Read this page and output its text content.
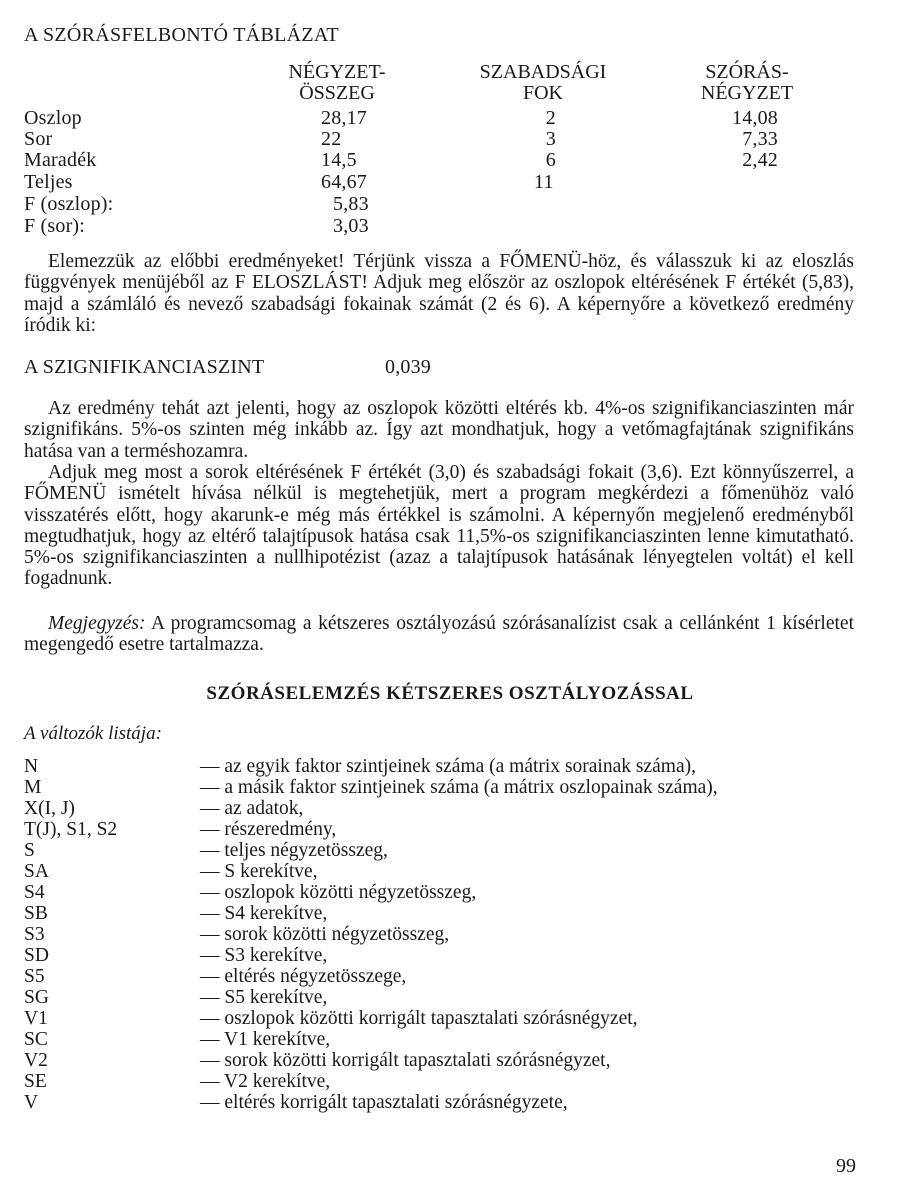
A SZÓRÁSFELBONTÓ TÁBLÁZAT
NÉGYZET-
ÖSSZEG
SZABADSÁGI
FOK
SZÓRÁS-
NÉGYZET
Oszlop	28,17	2	14,08
Sor	22	3	7,33
Maradék	14,5	6	2,42
Teljes	64,67	11
F (oszlop):	5,83
F (sor):	3,03

Elemezzük az előbbi eredményeket! Térjünk vissza a FŐMENÜ-höz, és válasszuk ki az eloszlás függvények menüjéből az F ELOSZLÁST! Adjuk meg először az oszlopok eltérésének F értékét (5,83), majd a számláló és nevező szabadsági fokainak számát (2 és 6). A képernyőre a következő eredmény íródik ki:

A SZIGNIFIKANCIASZINT	0,039

Az eredmény tehát azt jelenti, hogy az oszlopok közötti eltérés kb. 4%-os szignifikanciaszinten már szignifikáns. 5%-os szinten még inkább az. Így azt mondhatjuk, hogy a vetőmagfajtának szignifikáns hatása van a terméshozamra.

Adjuk meg most a sorok eltérésének F értékét (3,0) és szabadsági fokait (3,6). Ezt könnyűszerrel, a FŐMENÜ ismételt hívása nélkül is megtehetjük, mert a program megkérdezi a főmenühöz való visszatérés előtt, hogy akarunk-e még más értékkel is számolni. A képernyőn megjelenő eredményből megtudhatjuk, hogy az eltérő talajtípusok hatása csak 11,5%-os szignifikanciaszinten lenne kimutatható. 5%-os szignifikanciaszinten a nullhipotézist (azaz a talajtípusok hatásának lényegtelen voltát) el kell fogadnunk.

Megjegyzés: A programcsomag a kétszeres osztályozású szórásanalízist csak a cellánként 1 kísérletet megengedő esetre tartalmazza.

SZÓRÁSELEMZÉS KÉTSZERES OSZTÁLYOZÁSSAL
A változók listája:
N	— az egyik faktor szintjeinek száma (a mátrix sorainak száma),
M	— a másik faktor szintjeinek száma (a mátrix oszlopainak száma),
X(I, J)	— az adatok,
T(J), S1, S2	— részeredmény,
S	— teljes négyzetösszeg,
SA	— S kerekítve,
S4	— oszlopok közötti négyzetösszeg,
SB	— S4 kerekítve,
S3	— sorok közötti négyzetösszeg,
SD	— S3 kerekítve,
S5	— eltérés négyzetösszege,
SG	— S5 kerekítve,
V1	— oszlopok közötti korrigált tapasztalati szórásnégyzet,
SC	— V1 kerekítve,
V2	— sorok közötti korrigált tapasztalati szórásnégyzet,
SE	— V2 kerekítve,
V	— eltérés korrigált tapasztalati szórásnégyzete,
99
